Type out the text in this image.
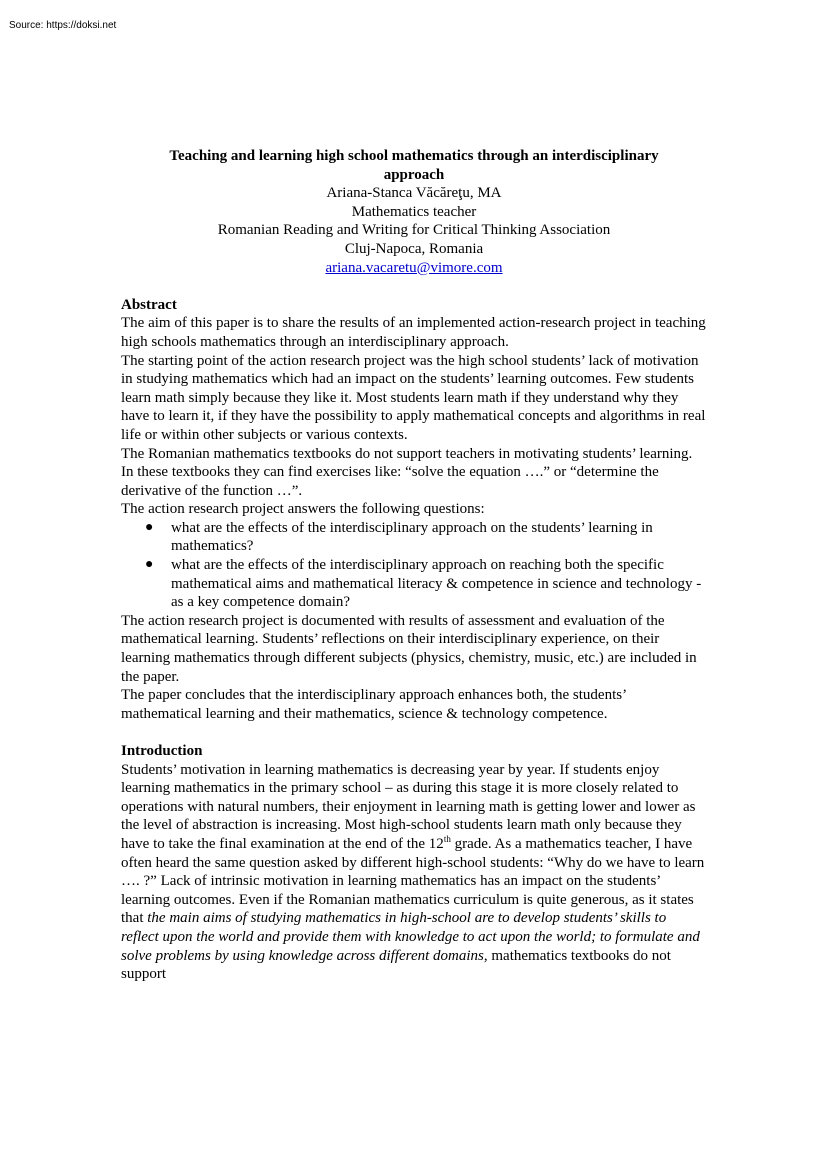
Source: https://doksi.net
Teaching and learning high school mathematics through an interdisciplinary
approach
Ariana-Stanca Văcăreţu, MA
Mathematics teacher
Romanian Reading and Writing for Critical Thinking Association
Cluj-Napoca, Romania
ariana.vacaretu@vimore.com
Abstract

The aim of this paper is to share the results of an implemented action-research project in teaching high schools mathematics through an interdisciplinary approach.

The starting point of the action research project was the high school students’ lack of motivation in studying mathematics which had an impact on the students’ learning outcomes. Few students learn math simply because they like it. Most students learn math if they understand why they have to learn it, if they have the possibility to apply mathematical concepts and algorithms in real life or within other subjects or various contexts.

The Romanian mathematics textbooks do not support teachers in motivating students’ learning. In these textbooks they can find exercises like: “solve the equation ….” or “determine the derivative of the function …”.

The action research project answers the following questions:

● what are the effects of the interdisciplinary approach on the students’ learning in mathematics?
● what are the effects of the interdisciplinary approach on reaching both the specific mathematical aims and mathematical literacy & competence in science and technology - as a key competence domain?

The action research project is documented with results of assessment and evaluation of the mathematical learning. Students’ reflections on their interdisciplinary experience, on their learning mathematics through different subjects (physics, chemistry, music, etc.) are included in the paper.

The paper concludes that the interdisciplinary approach enhances both, the students’ mathematical learning and their mathematics, science & technology competence.

Introduction

Students’ motivation in learning mathematics is decreasing year by year. If students enjoy learning mathematics in the primary school – as during this stage it is more closely related to operations with natural numbers, their enjoyment in learning math is getting lower and lower as the level of abstraction is increasing. Most high-school students learn math only because they have to take the final examination at the end of the 12th grade. As a mathematics teacher, I have often heard the same question asked by different high-school students: “Why do we have to learn …. ?” Lack of intrinsic motivation in learning mathematics has an impact on the students’ learning outcomes. Even if the Romanian mathematics curriculum is quite generous, as it states that the main aims of studying mathematics in high-school are to develop students’ skills to reflect upon the world and provide them with knowledge to act upon the world; to formulate and solve problems by using knowledge across different domains, mathematics textbooks do not support
